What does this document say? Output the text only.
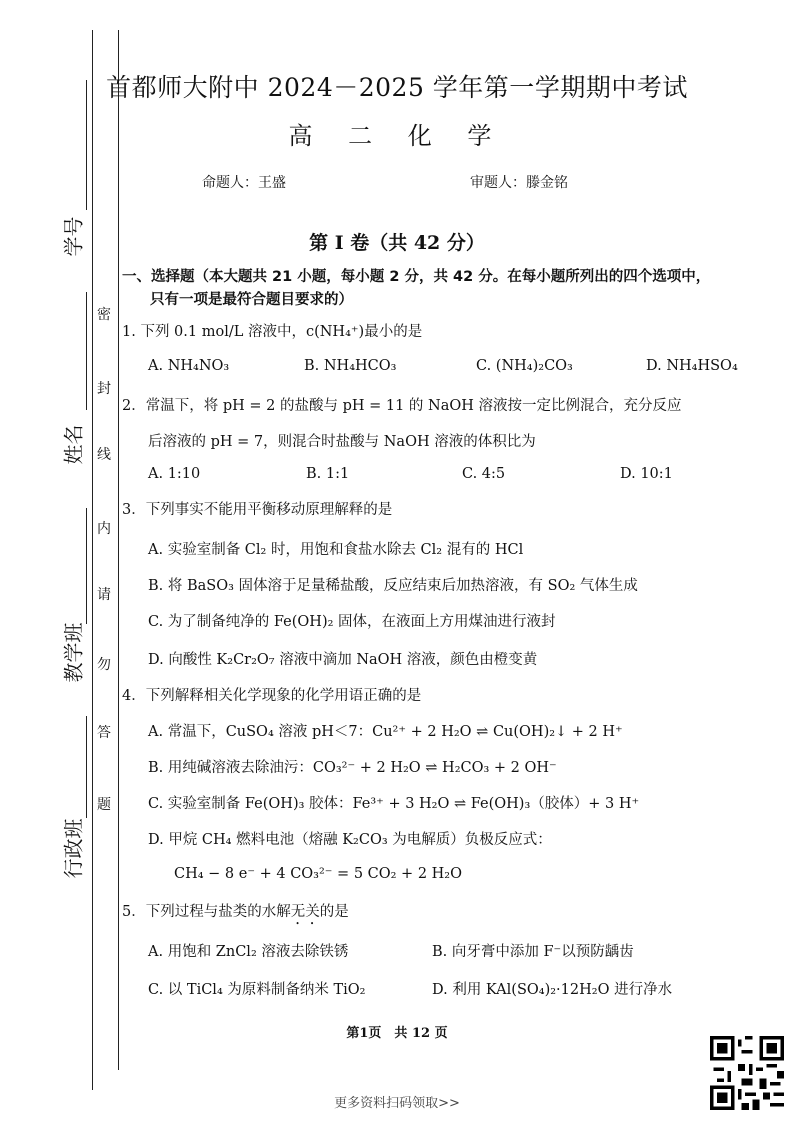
学号
姓名
教学班
行政班
密
封
线
内
请
勿
答
题
首都师大附中 2024－2025 学年第一学期期中考试
高 二 化 学
命题人：王盛	审题人：滕金铭
第 I 卷（共 42 分）
一、选择题（本大题共 21 小题，每小题 2 分，共 42 分。在每小题所列出的四个选项中，
只有一项是最符合题目要求的）
1. 下列 0.1 mol/L 溶液中，c(NH₄⁺)最小的是
A. NH₄NO₃	B. NH₄HCO₃	C. (NH₄)₂CO₃	D. NH₄HSO₄
2．常温下，将 pH = 2 的盐酸与 pH = 11 的 NaOH 溶液按一定比例混合，充分反应
后溶液的 pH = 7，则混合时盐酸与 NaOH 溶液的体积比为
A. 1:10	B. 1:1	C. 4:5	D. 10:1
3．下列事实不能用平衡移动原理解释的是
A. 实验室制备 Cl₂ 时，用饱和食盐水除去 Cl₂ 混有的 HCl
B. 将 BaSO₃ 固体溶于足量稀盐酸，反应结束后加热溶液，有 SO₂ 气体生成
C. 为了制备纯净的 Fe(OH)₂ 固体，在液面上方用煤油进行液封
D. 向酸性 K₂Cr₂O₇ 溶液中滴加 NaOH 溶液，颜色由橙变黄
4．下列解释相关化学现象的化学用语正确的是
A. 常温下，CuSO₄ 溶液 pH＜7：Cu²⁺ + 2 H₂O ⇌ Cu(OH)₂↓ + 2 H⁺
B. 用纯碱溶液去除油污：CO₃²⁻ + 2 H₂O ⇌ H₂CO₃ + 2 OH⁻
C. 实验室制备 Fe(OH)₃ 胶体：Fe³⁺ + 3 H₂O ⇌ Fe(OH)₃（胶体）+ 3 H⁺
D. 甲烷 CH₄ 燃料电池（熔融 K₂CO₃ 为电解质）负极反应式：
CH₄ − 8 e⁻ + 4 CO₃²⁻ = 5 CO₂ + 2 H₂O
5．下列过程与盐类的水解无关的是
A. 用饱和 ZnCl₂ 溶液去除铁锈	B. 向牙膏中添加 F⁻以预防龋齿
C. 以 TiCl₄ 为原料制备纳米 TiO₂	D. 利用 KAl(SO₄)₂·12H₂O 进行净水
第1页　共 12 页
更多资料扫码领取>>
